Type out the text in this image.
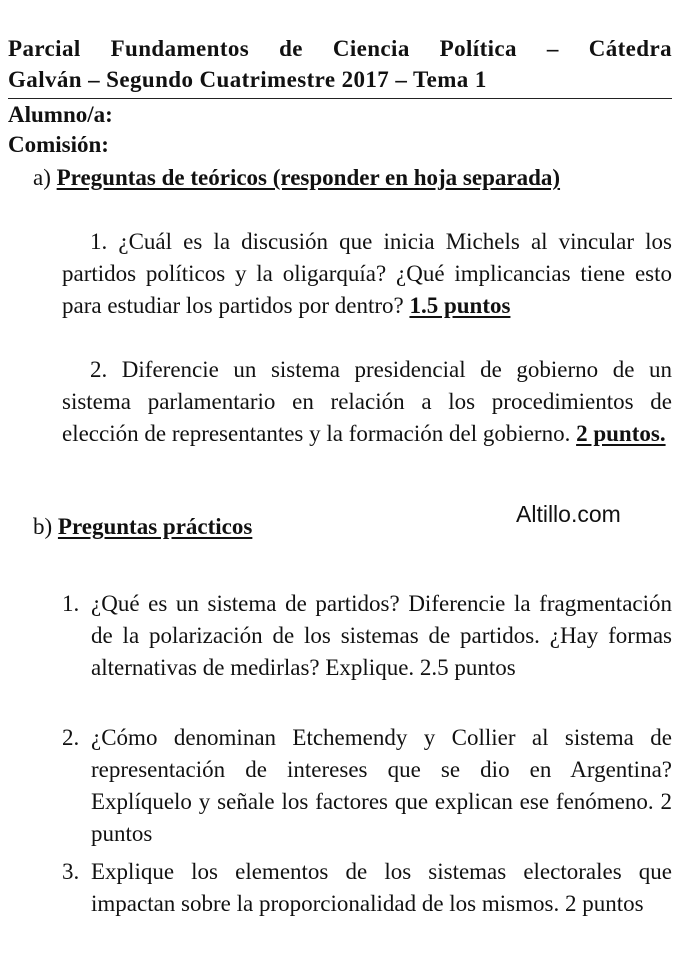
Parcial Fundamentos de Ciencia Política – Cátedra
Galván – Segundo Cuatrimestre 2017 – Tema 1
Alumno/a:
Comisión:
a) Preguntas de teóricos (responder en hoja separada)
1. ¿Cuál es la discusión que inicia Michels al vincular los partidos políticos y la oligarquía? ¿Qué implicancias tiene esto para estudiar los partidos por dentro? 1.5 puntos
2. Diferencie un sistema presidencial de gobierno de un sistema parlamentario en relación a los procedimientos de elección de representantes y la formación del gobierno. 2 puntos.
Altillo.com
b) Preguntas prácticos
1. ¿Qué es un sistema de partidos? Diferencie la fragmentación de la polarización de los sistemas de partidos. ¿Hay formas alternativas de medirlas? Explique. 2.5 puntos
2. ¿Cómo denominan Etchemendy y Collier al sistema de representación de intereses que se dio en Argentina? Explíquelo y señale los factores que explican ese fenómeno. 2 puntos
3. Explique los elementos de los sistemas electorales que impactan sobre la proporcionalidad de los mismos. 2 puntos
